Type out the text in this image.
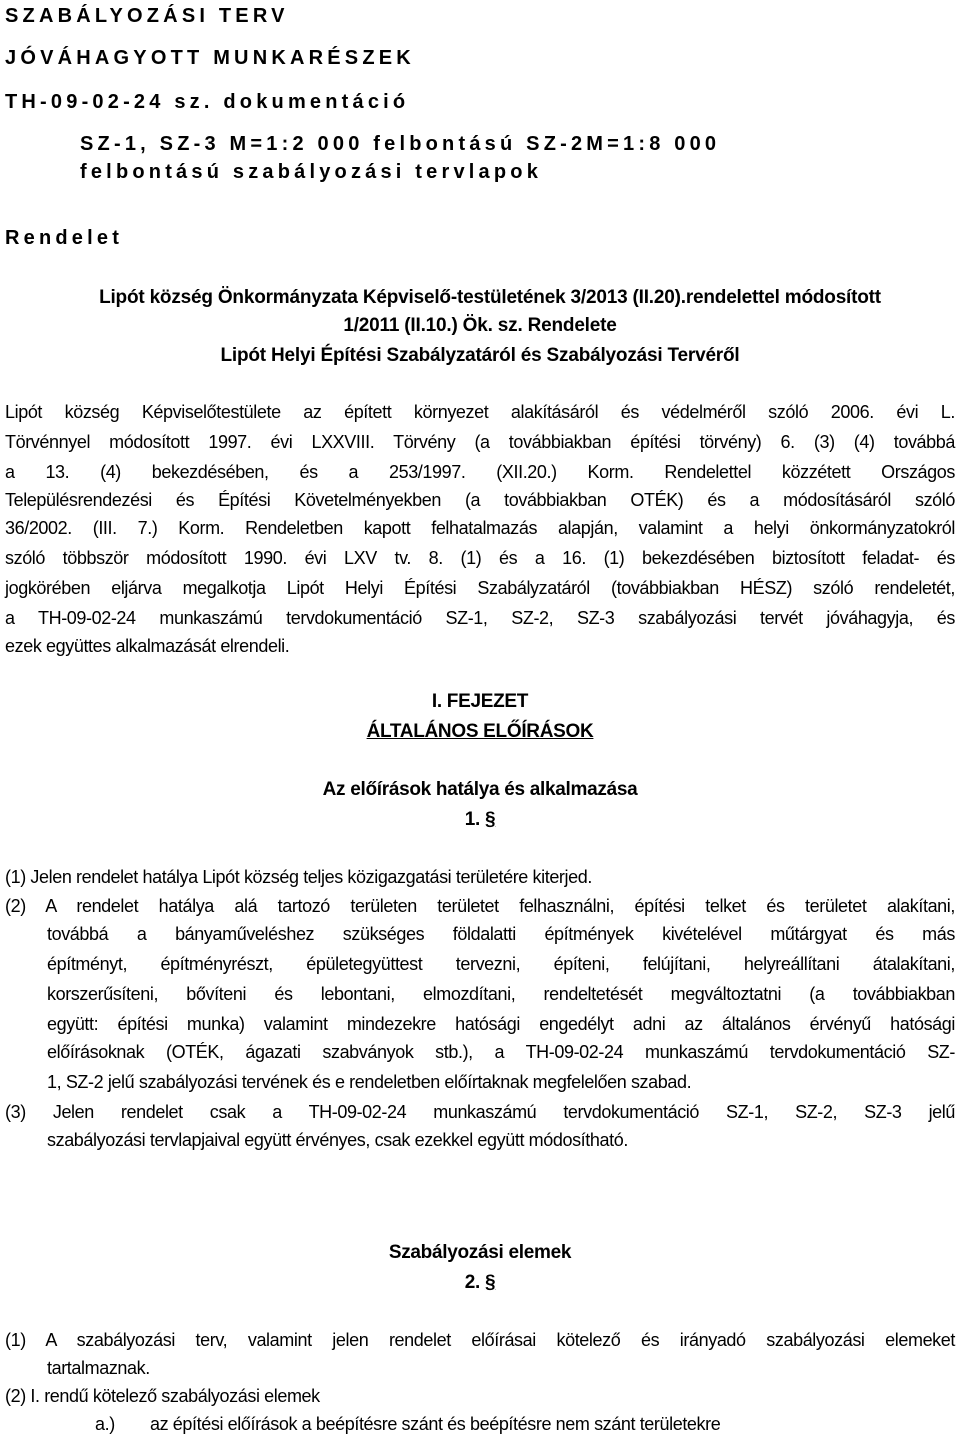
SZABÁLYOZÁSI TERV
JÓVÁHAGYOTT MUNKARÉSZEK
TH-09-02-24 sz. dokumentáció
SZ-1, SZ-3 M=1:2 000 felbontású SZ-2M=1:8 000
felbontású szabályozási tervlapok
Rendelet
Lipót község Önkormányzata Képviselő-testületének 3/2013 (II.20).rendelettel módosított
1/2011 (II.10.) Ök. sz. Rendelete
Lipót Helyi Építési Szabályzatáról és Szabályozási Tervéről
Lipót község Képviselőtestülete az épített környezet alakításáról és védelméről szóló 2006. évi L.
Törvénnyel módosított 1997. évi LXXVIII. Törvény (a továbbiakban építési törvény) 6. (3) (4) továbbá
a 13. (4) bekezdésében, és a 253/1997. (XII.20.) Korm. Rendelettel közzétett Országos
Településrendezési és Építési Követelményekben (a továbbiakban OTÉK) és a módosításáról szóló
36/2002. (III. 7.) Korm. Rendeletben kapott felhatalmazás alapján, valamint a helyi önkormányzatokról
szóló többször módosított 1990. évi LXV tv. 8. (1) és a 16. (1) bekezdésében biztosított feladat- és
jogkörében eljárva megalkotja Lipót Helyi Építési Szabályzatáról (továbbiakban HÉSZ) szóló rendeletét,
a TH-09-02-24 munkaszámú tervdokumentáció SZ-1, SZ-2, SZ-3 szabályozási tervét jóváhagyja, és
ezek együttes alkalmazását elrendeli.
I. FEJEZET
ÁLTALÁNOS ELŐÍRÁSOK
Az előírások hatálya és alkalmazása
1. §
(1) Jelen rendelet hatálya Lipót község teljes közigazgatási területére kiterjed.
(2) A rendelet hatálya alá tartozó területen területet felhasználni, építési telket és területet alakítani,
továbbá a bányaműveléshez szükséges földalatti építmények kivételével műtárgyat és más
építményt, építményrészt, épületegyüttest tervezni, építeni, felújítani, helyreállítani átalakítani,
korszerűsíteni, bővíteni és lebontani, elmozdítani, rendeltetését megváltoztatni (a továbbiakban
együtt: építési munka) valamint mindezekre hatósági engedélyt adni az általános érvényű hatósági
előírásoknak (OTÉK, ágazati szabványok stb.), a TH-09-02-24 munkaszámú tervdokumentáció SZ-
1, SZ-2 jelű szabályozási tervének és e rendeletben előírtaknak megfelelően szabad.
(3) Jelen rendelet csak a TH-09-02-24 munkaszámú tervdokumentáció SZ-1, SZ-2, SZ-3 jelű
szabályozási tervlapjaival együtt érvényes, csak ezekkel együtt módosítható.
Szabályozási elemek
2. §
(1) A szabályozási terv, valamint jelen rendelet előírásai kötelező és irányadó szabályozási elemeket
tartalmaznak.
(2) I. rendű kötelező szabályozási elemek
a.) az építési előírások a beépítésre szánt és beépítésre nem szánt területekre
